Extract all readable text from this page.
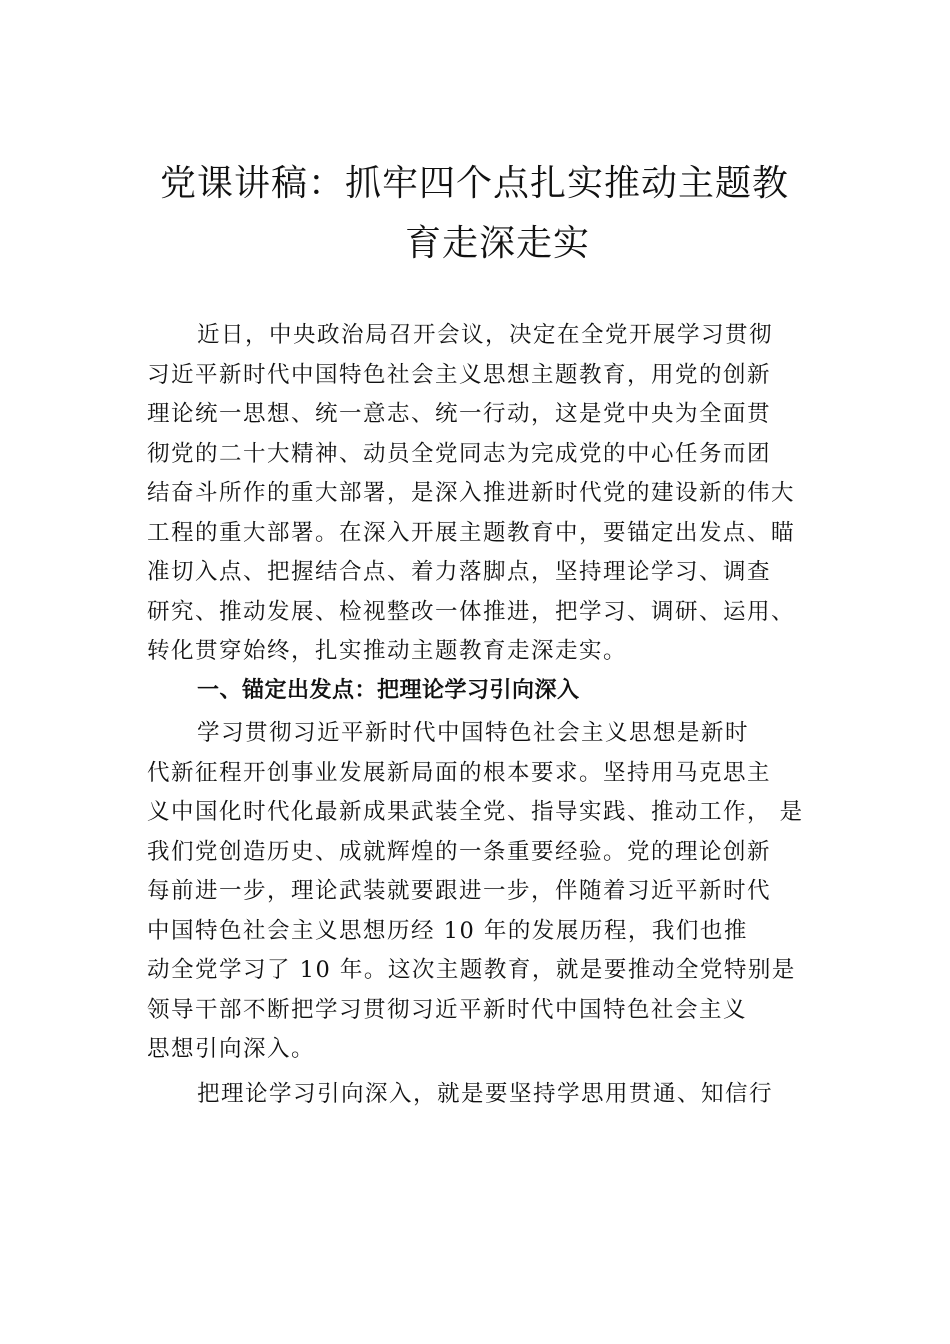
党课讲稿：抓牢四个点扎实推动主题教
育走深走实
近日，中央政治局召开会议，决定在全党开展学习贯彻
习近平新时代中国特色社会主义思想主题教育，用党的创新
理论统一思想、统一意志、统一行动，这是党中央为全面贯
彻党的二十大精神、动员全党同志为完成党的中心任务而团
结奋斗所作的重大部署，是深入推进新时代党的建设新的伟大
工程的重大部署。在深入开展主题教育中，要锚定出发点、瞄
准切入点、把握结合点、着力落脚点，坚持理论学习、调查
研究、推动发展、检视整改一体推进，把学习、调研、运用、
转化贯穿始终，扎实推动主题教育走深走实。
一、锚定出发点：把理论学习引向深入
学习贯彻习近平新时代中国特色社会主义思想是新时
代新征程开创事业发展新局面的根本要求。坚持用马克思主
义中国化时代化最新成果武装全党、指导实践、推动工作， 是
我们党创造历史、成就辉煌的一条重要经验。党的理论创新
每前进一步，理论武装就要跟进一步，伴随着习近平新时代
中国特色社会主义思想历经 10 年的发展历程，我们也推
动全党学习了 10 年。这次主题教育，就是要推动全党特别是
领导干部不断把学习贯彻习近平新时代中国特色社会主义
思想引向深入。
把理论学习引向深入，就是要坚持学思用贯通、知信行
